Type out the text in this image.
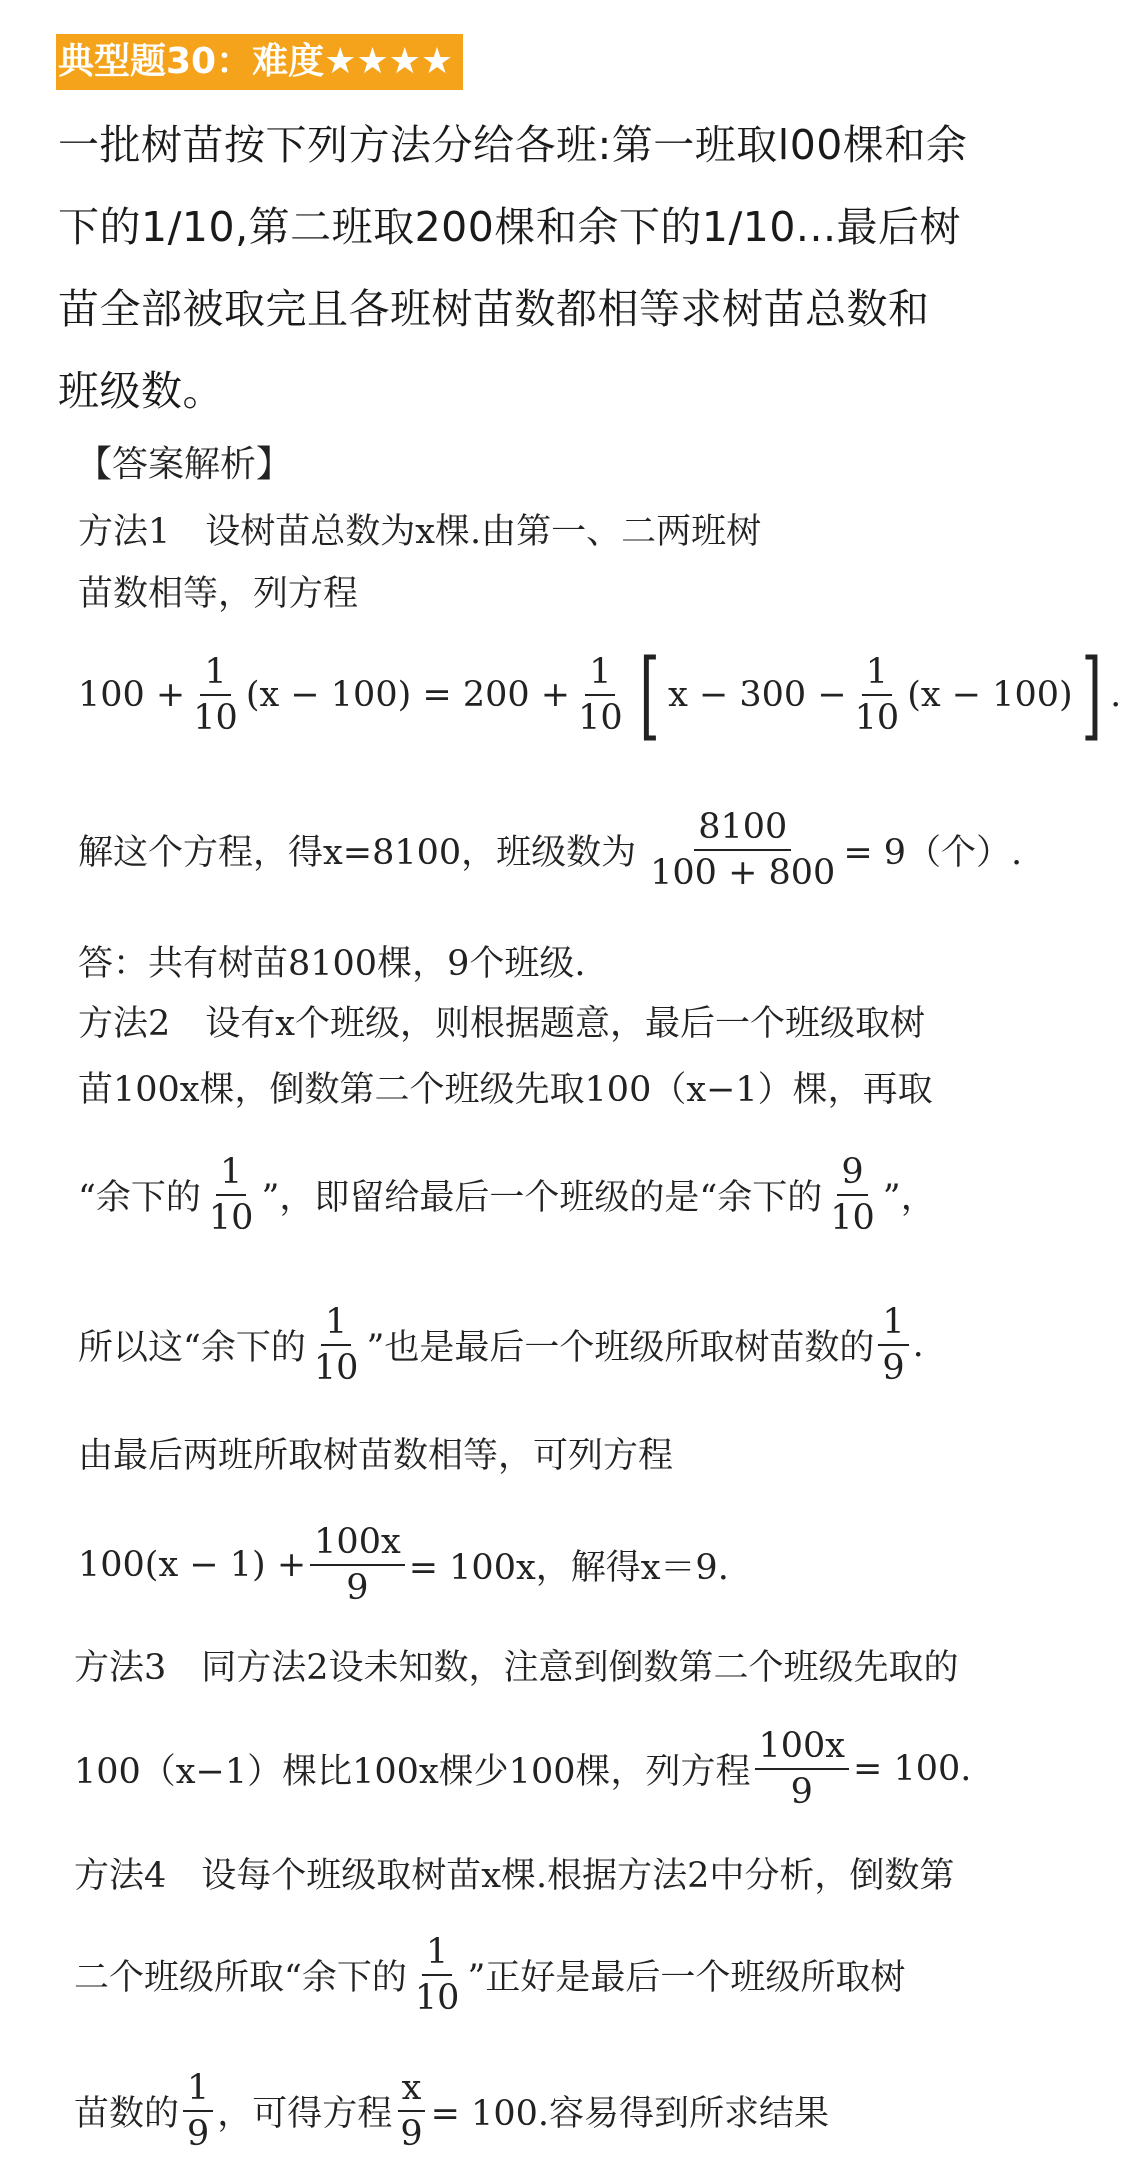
典型题30：难度★★★★
一批树苗按下列方法分给各班:第一班取l00棵和余
下的1/10,第二班取200棵和余下的1/10...最后树
苗全部被取完且各班树苗数都相等求树苗总数和
班级数。
【答案解析】
方法1　设树苗总数为x棵.由第一、二两班树
苗数相等，列方程
$100 + \frac{1}{10} (x - 100) = 200 + \frac{1}{10}$ [ $x - 300 - \frac{1}{10} (x - 100)$ ] .
解这个方程，得x=8100，班级数为 $\frac{8100}{100 + 800} = 9$（个）.
答：共有树苗8100棵，9个班级.
方法2　设有x个班级，则根据题意，最后一个班级取树
苗100x棵，倒数第二个班级先取100（x−1）棵，再取
“余下的 $\frac{1}{10}$ ”，即留给最后一个班级的是“余下的 $\frac{9}{10}$ ”，
所以这“余下的 $\frac{1}{10}$ ”也是最后一个班级所取树苗数的 $\frac{1}{9}$ .
由最后两班所取树苗数相等，可列方程
$100(x - 1) + \frac{100x}{9} = 100x$，解得x＝9.
方法3　同方法2设未知数，注意到倒数第二个班级先取的
100（x−1）棵比100x棵少100棵，列方程 $\frac{100x}{9} = 100$.
方法4　设每个班级取树苗x棵.根据方法2中分析，倒数第
二个班级所取“余下的 $\frac{1}{10}$ ”正好是最后一个班级所取树
苗数的 $\frac{1}{9}$ ，可得方程 $\frac{x}{9} = 100$.容易得到所求结果
